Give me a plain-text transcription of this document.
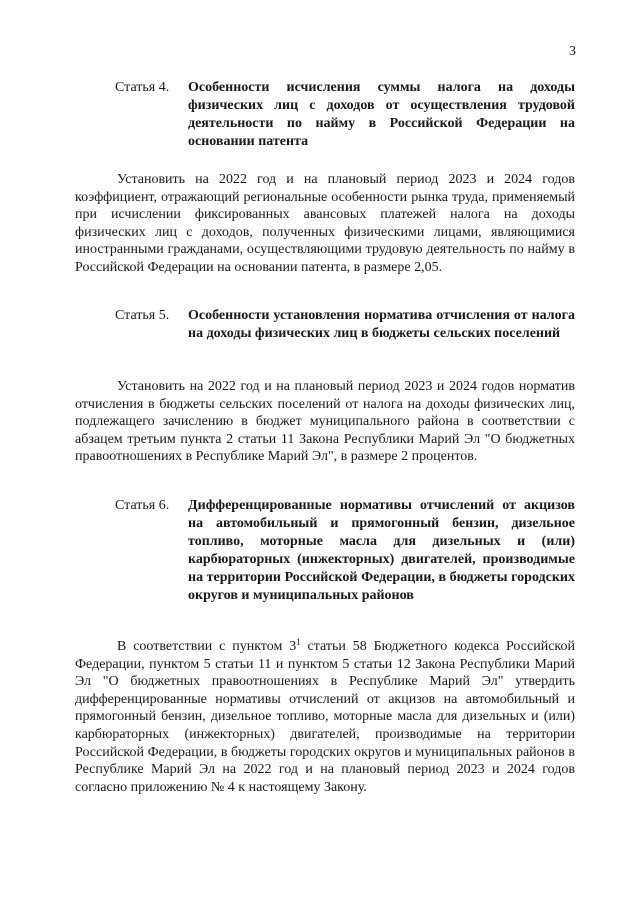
3
Статья 4.	Особенности исчисления суммы налога на доходы физических лиц с доходов от осуществления трудовой деятельности по найму в Российской Федерации на основании патента

Установить на 2022 год и на плановый период 2023 и 2024 годов коэффициент, отражающий региональные особенности рынка труда, применяемый при исчислении фиксированных авансовых платежей налога на доходы физических лиц с доходов, полученных физическими лицами, являющимися иностранными гражданами, осуществляющими трудовую деятельность по найму в Российской Федерации на основании патента, в размере 2,05.

Статья 5.	Особенности установления норматива отчисления от налога на доходы физических лиц в бюджеты сельских поселений

Установить на 2022 год и на плановый период 2023 и 2024 годов норматив отчисления в бюджеты сельских поселений от налога на доходы физических лиц, подлежащего зачислению в бюджет муниципального района в соответствии с абзацем третьим пункта 2 статьи 11 Закона Республики Марий Эл "О бюджетных правоотношениях в Республике Марий Эл", в размере 2 процентов.

Статья 6.	Дифференцированные нормативы отчислений от акцизов на автомобильный и прямогонный бензин, дизельное топливо, моторные масла для дизельных и (или) карбюраторных (инжекторных) двигателей, производимые на территории Российской Федерации, в бюджеты городских округов и муниципальных районов

В соответствии с пунктом $3^1$ статьи 58 Бюджетного кодекса Российской Федерации, пунктом 5 статьи 11 и пунктом 5 статьи 12 Закона Республики Марий Эл "О бюджетных правоотношениях в Республике Марий Эл" утвердить дифференцированные нормативы отчислений от акцизов на автомобильный и прямогонный бензин, дизельное топливо, моторные масла для дизельных и (или) карбюраторных (инжекторных) двигателей, производимые на территории Российской Федерации, в бюджеты городских округов и муниципальных районов в Республике Марий Эл на 2022 год и на плановый период 2023 и 2024 годов согласно приложению № 4 к настоящему Закону.
